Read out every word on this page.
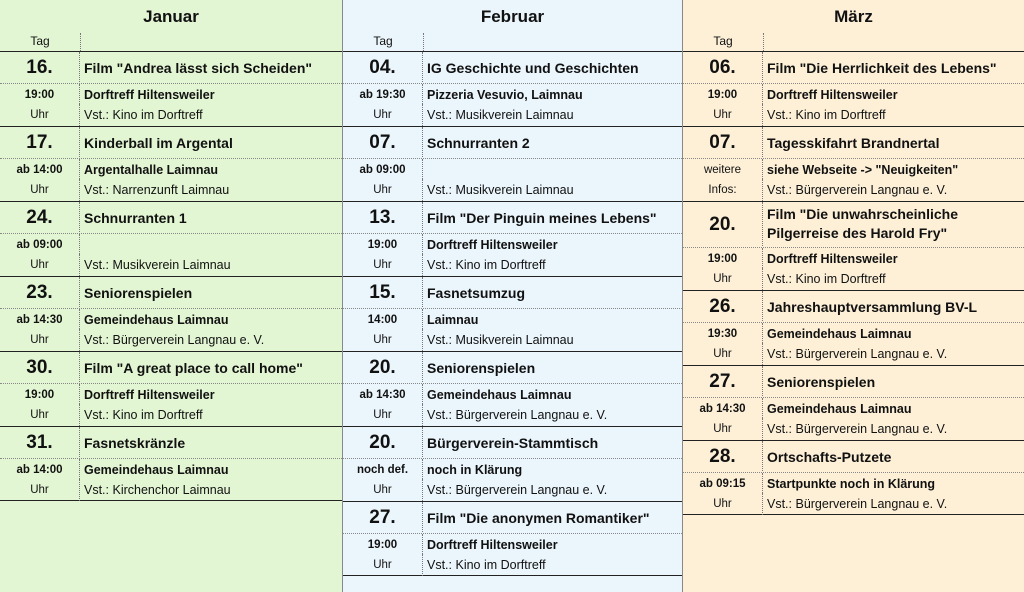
Januar
Tag
16.	Film "Andrea lässt sich Scheiden"
19:00	Dorftreff Hiltensweiler
Uhr	Vst.: Kino im Dorftreff
17.	Kinderball im Argental
ab 14:00	Argentalhalle Laimnau
Uhr	Vst.: Narrenzunft Laimnau
24.	Schnurranten 1
ab 09:00
Uhr	Vst.: Musikverein Laimnau
23.	Seniorenspielen
ab 14:30	Gemeindehaus Laimnau
Uhr	Vst.: Bürgerverein Langnau e. V.
30.	Film "A great place to call home"
19:00	Dorftreff Hiltensweiler
Uhr	Vst.: Kino im Dorftreff
31.	Fasnetskränzle
ab 14:00	Gemeindehaus Laimnau
Uhr	Vst.: Kirchenchor Laimnau
Februar
Tag
04.	IG Geschichte und Geschichten
ab 19:30	Pizzeria Vesuvio, Laimnau
Uhr	Vst.: Musikverein Laimnau
07.	Schnurranten 2
ab 09:00
Uhr	Vst.: Musikverein Laimnau
13.	Film "Der Pinguin meines Lebens"
19:00	Dorftreff Hiltensweiler
Uhr	Vst.: Kino im Dorftreff
15.	Fasnetsumzug
14:00	Laimnau
Uhr	Vst.: Musikverein Laimnau
20.	Seniorenspielen
ab 14:30	Gemeindehaus Laimnau
Uhr	Vst.: Bürgerverein Langnau e. V.
20.	Bürgerverein-Stammtisch
noch def.	noch in Klärung
Uhr	Vst.: Bürgerverein Langnau e. V.
27.	Film "Die anonymen Romantiker"
19:00	Dorftreff Hiltensweiler
Uhr	Vst.: Kino im Dorftreff
März
Tag
06.	Film "Die Herrlichkeit des Lebens"
19:00	Dorftreff Hiltensweiler
Uhr	Vst.: Kino im Dorftreff
07.	Tagesskifahrt Brandnertal
weitere	siehe Webseite -> "Neuigkeiten"
Infos:	Vst.: Bürgerverein Langnau e. V.
20.	Film "Die unwahrscheinliche Pilgerreise des Harold Fry"
19:00	Dorftreff Hiltensweiler
Uhr	Vst.: Kino im Dorftreff
26.	Jahreshauptversammlung BV-L
19:30	Gemeindehaus Laimnau
Uhr	Vst.: Bürgerverein Langnau e. V.
27.	Seniorenspielen
ab 14:30	Gemeindehaus Laimnau
Uhr	Vst.: Bürgerverein Langnau e. V.
28.	Ortschafts-Putzete
ab 09:15	Startpunkte noch in Klärung
Uhr	Vst.: Bürgerverein Langnau e. V.
